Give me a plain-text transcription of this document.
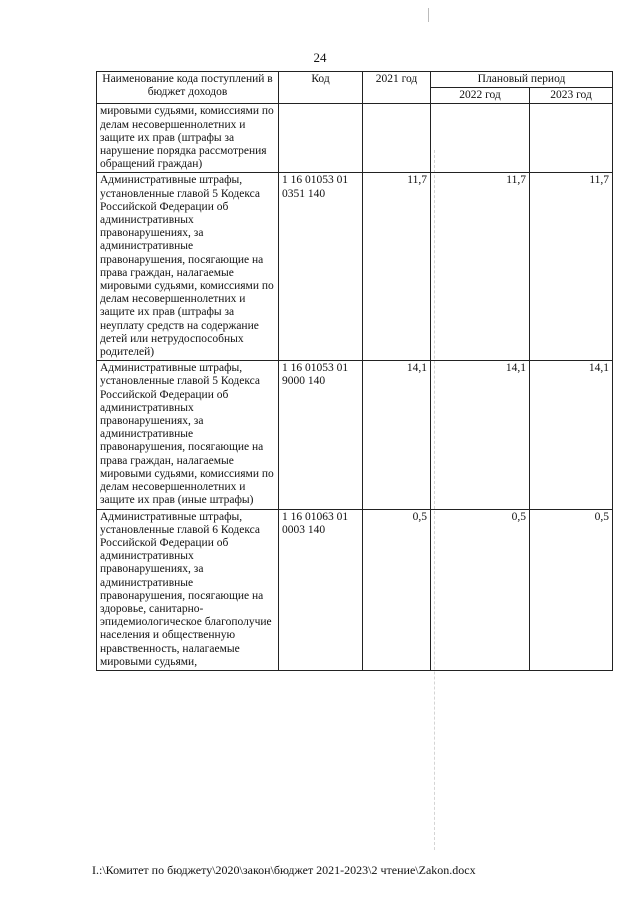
24
Наименование кода поступлений в бюджет доходов	Код	2021 год	Плановый период	
			2022 год	2023 год
мировыми судьями, комиссиями по делам несовершеннолетних и защите их прав (штрафы за нарушение порядка рассмотрения обращений граждан)				
Административные штрафы, установленные главой 5 Кодекса Российской Федерации об административных правонарушениях, за административные правонарушения, посягающие на права граждан, налагаемые мировыми судьями, комиссиями по делам несовершеннолетних и защите их прав (штрафы за неуплату средств на содержание детей или нетрудоспособных родителей)	1 16 01053 01 0351 140	11,7	11,7	11,7
Административные штрафы, установленные главой 5 Кодекса Российской Федерации об административных правонарушениях, за административные правонарушения, посягающие на права граждан, налагаемые мировыми судьями, комиссиями по делам несовершеннолетних и защите их прав (иные штрафы)	1 16 01053 01 9000 140	14,1	14,1	14,1
Административные штрафы, установленные главой 6 Кодекса Российской Федерации об административных правонарушениях, за административные правонарушения, посягающие на здоровье, санитарно-эпидемиологическое благополучие населения и общественную нравственность, налагаемые мировыми судьями,	1 16 01063 01 0003 140	0,5	0,5	0,5
I.:\Комитет по бюджету\2020\закон\бюджет 2021-2023\2 чтение\Zakon.docx
